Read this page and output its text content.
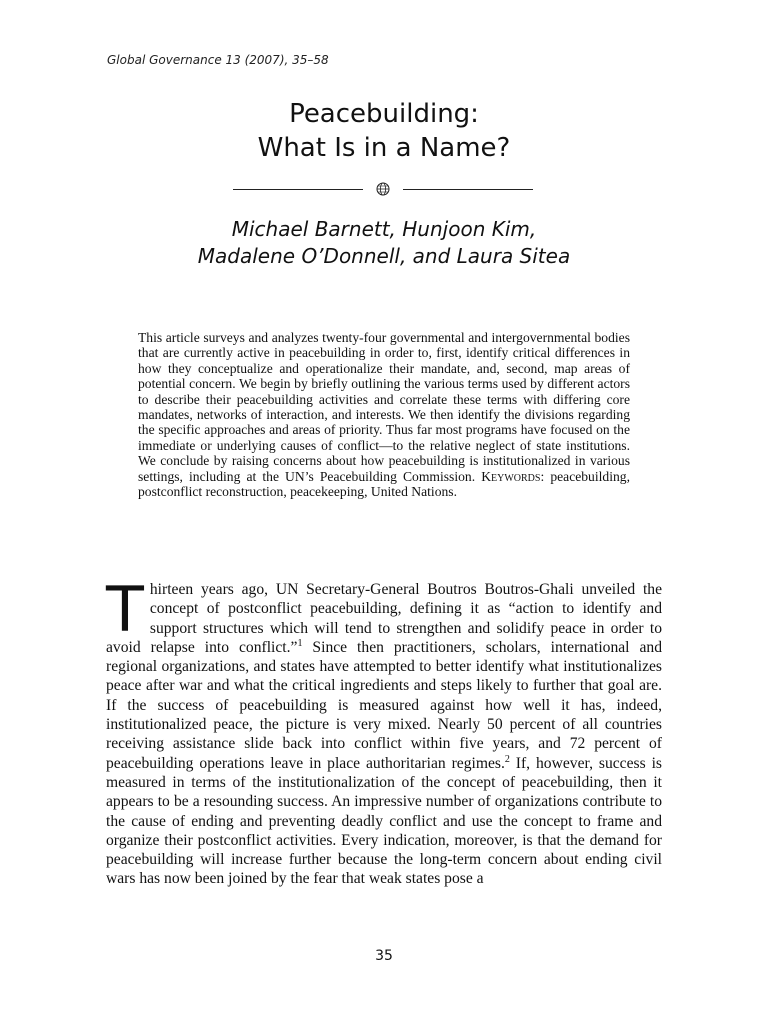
Global Governance 13 (2007), 35–58
Peacebuilding:
What Is in a Name?
Michael Barnett, Hunjoon Kim,
Madalene O’Donnell, and Laura Sitea
This article surveys and analyzes twenty-four governmental and intergovernmental bodies that are currently active in peacebuilding in order to, first, identify critical differences in how they conceptualize and operationalize their mandate, and, second, map areas of potential concern. We begin by briefly outlining the various terms used by different actors to describe their peacebuilding activities and correlate these terms with differing core mandates, networks of interaction, and interests. We then identify the divisions regarding the specific approaches and areas of priority. Thus far most programs have focused on the immediate or underlying causes of conflict—to the relative neglect of state institutions. We conclude by raising concerns about how peacebuilding is institutionalized in various settings, including at the UN’s Peacebuilding Commission. Keywords: peacebuilding, postconflict reconstruction, peacekeeping, United Nations.
Thirteen years ago, UN Secretary-General Boutros Boutros-Ghali unveiled the concept of postconflict peacebuilding, defining it as “action to identify and support structures which will tend to strengthen and solidify peace in order to avoid relapse into conflict.”$^1$ Since then practitioners, scholars, international and regional organizations, and states have attempted to better identify what institutionalizes peace after war and what the critical ingredients and steps likely to further that goal are. If the success of peacebuilding is measured against how well it has, indeed, institutionalized peace, the picture is very mixed. Nearly 50 percent of all countries receiving assistance slide back into conflict within five years, and 72 percent of peacebuilding operations leave in place authoritarian regimes.$^2$ If, however, success is measured in terms of the institutionalization of the concept of peacebuilding, then it appears to be a resounding success. An impressive number of organizations contribute to the cause of ending and preventing deadly conflict and use the concept to frame and organize their postconflict activities. Every indication, moreover, is that the demand for peacebuilding will increase further because the long-term concern about ending civil wars has now been joined by the fear that weak states pose a
35
